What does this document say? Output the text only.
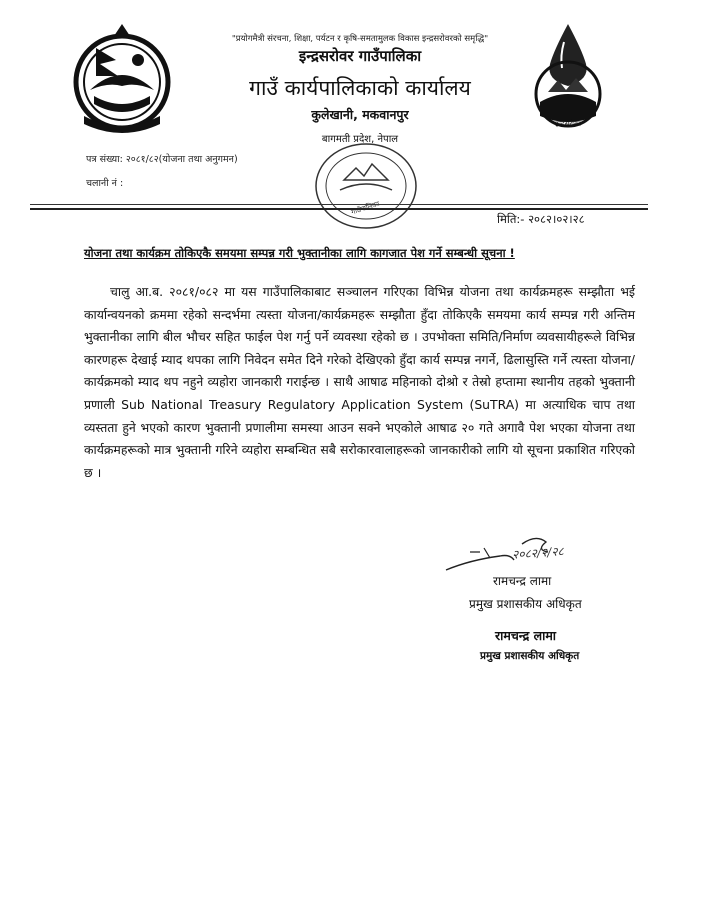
इन्द्रसरोवर
"प्रयोगमैत्री संरचना, शिक्षा, पर्यटन र कृषि-समतामुलक विकास इन्द्रसरोवरको समृद्धि"
इन्द्रसरोवर गाउँपालिका
गाउँ कार्यपालिकाको कार्यालय
कुलेखानी, मकवानपुर
बागमती प्रदेश, नेपाल
पत्र संख्या: २०८१/८२(योजना तथा अनुगमन)
चलानी नं :
गाउँपालिका
मिति:- २०८२।०२।२८
योजना तथा कार्यक्रम तोकिएकै समयमा सम्पन्न गरी भुक्तानीका लागि कागजात पेश गर्ने सम्बन्धी सूचना !

चालु आ.ब. २०८१/०८२ मा यस गाउँपालिकाबाट सञ्चालन गरिएका विभिन्न योजना तथा कार्यक्रमहरू सम्झौता भई कार्यान्वयनको क्रममा रहेको सन्दर्भमा त्यस्ता योजना/कार्यक्रमहरू सम्झौता हुँदा तोकिएकै समयमा कार्य सम्पन्न गरी अन्तिम भुक्तानीका लागि बील भौचर सहित फाईल पेश गर्नु पर्ने व्यवस्था रहेको छ । उपभोक्ता समिति/निर्माण व्यवसायीहरूले विभिन्न कारणहरू देखाई म्याद थपका लागि निवेदन समेत दिने गरेको देखिएको हुँदा कार्य सम्पन्न नगर्ने, ढिलासुस्ति गर्ने त्यस्ता योजना/कार्यक्रमको म्याद थप नहुने व्यहोरा जानकारी गराईन्छ । साथै आषाढ महिनाको दोश्रो र तेस्रो हप्तामा स्थानीय तहको भुक्तानी प्रणाली Sub National Treasury Regulatory Application System (SuTRA) मा अत्याधिक चाप तथा व्यस्तता हुने भएको कारण भुक्तानी प्रणालीमा समस्या आउन सक्ने भएकोले आषाढ २० गते अगावै पेश भएका योजना तथा कार्यक्रमहरूको मात्र भुक्तानी गरिने व्यहोरा सम्बन्धित सबै सरोकारवालाहरूको जानकारीको लागि यो सूचना प्रकाशित गरिएको छ ।

२०८२/२/२८
रामचन्द्र लामा
प्रमुख प्रशासकीय अधिकृत
रामचन्द्र लामा
प्रमुख प्रशासकीय अधिकृत
